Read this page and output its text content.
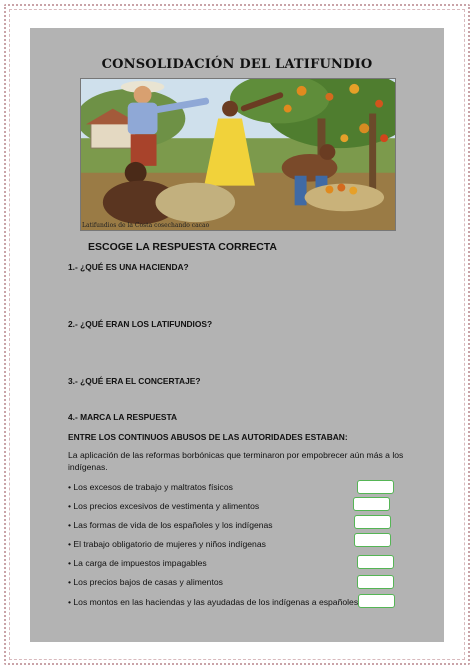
CONSOLIDACIÓN DEL LATIFUNDIO
Latifundios de la Costa cosechando cacao
ESCOGE LA RESPUESTA CORRECTA
1.- ¿QUÉ ES UNA HACIENDA?
2.- ¿QUÉ ERAN LOS LATIFUNDIOS?
3.- ¿QUÉ ERA EL CONCERTAJE?
4.- MARCA LA RESPUESTA
ENTRE LOS CONTINUOS ABUSOS DE LAS AUTORIDADES ESTABAN:
La aplicación de las reformas borbónicas que terminaron por empobrecer aún más a los indígenas.
• Los excesos de trabajo y maltratos físicos
• Los precios excesivos de vestimenta y alimentos
• Las formas de vida de los españoles y los indígenas
• El trabajo obligatorio de mujeres y niños indígenas
• La carga de impuestos impagables
• Los precios bajos de casas y alimentos
• Los montos en las haciendas y las ayudadas de los indígenas a españoles
